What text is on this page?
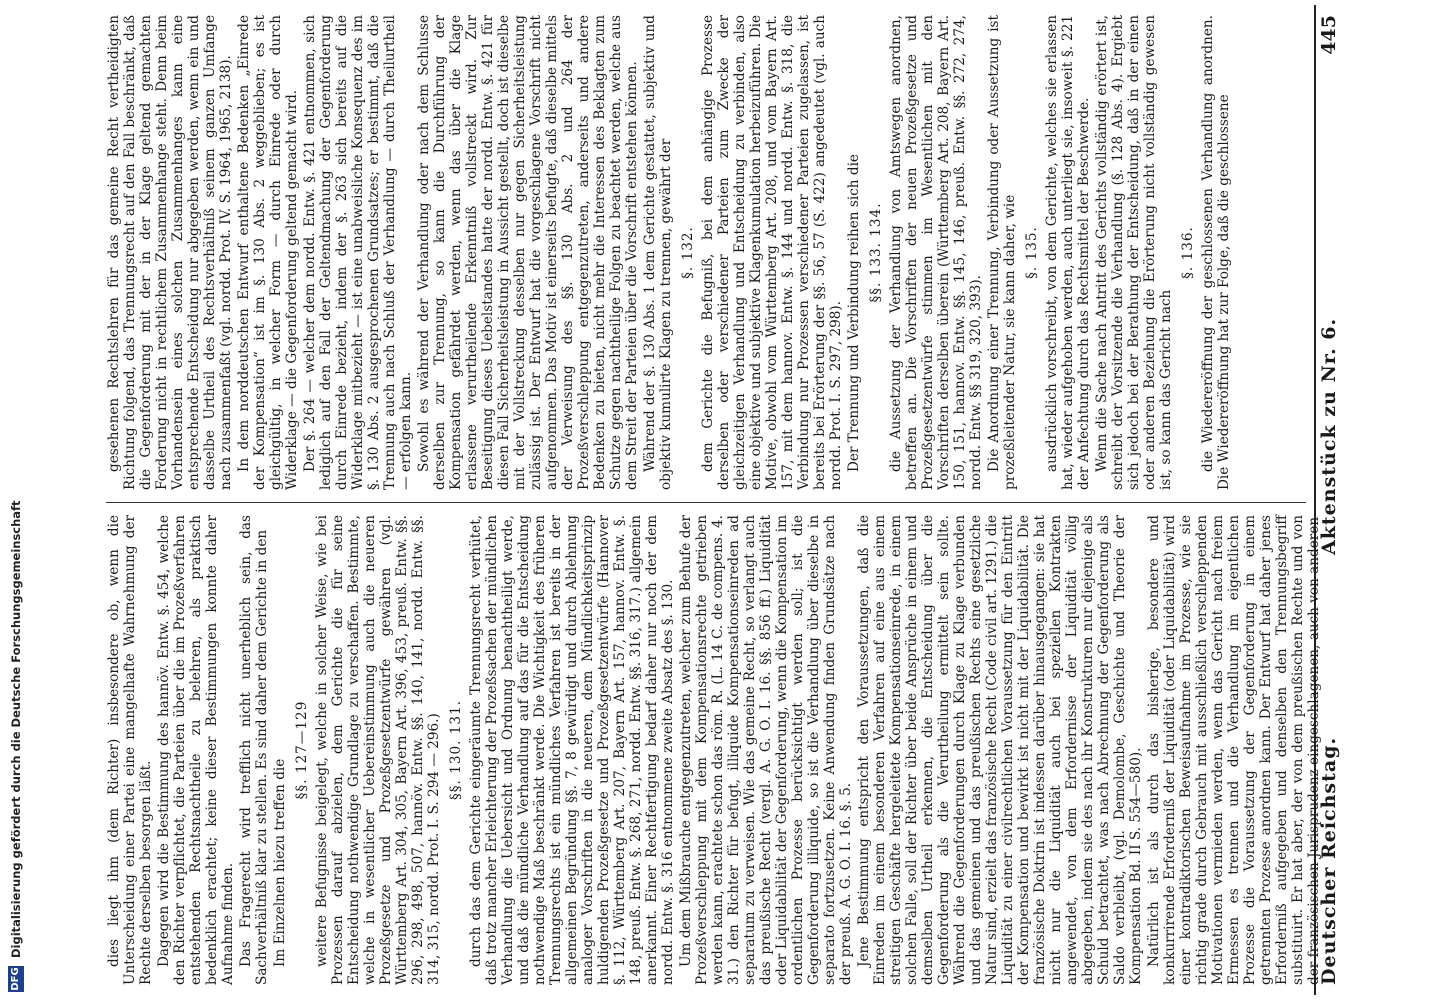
DFG
Digitalisierung gefördert durch die Deutsche Forschungsgemeinschaft	Deutscher Reichstag.
Aktenstück zu Nr. 6.
445

dies liegt ihm (dem Richter) insbesondere ob, wenn die Unterscheidung einer Partei eine mangelhafte Wahrnehmung der Rechte derselben besorgen läßt. Dagegen wird die Bestimmung des hannöv. Entw. §. 454, welche den Richter verpflichtet, die Parteien über die im Prozeßverfahren entstehenden Rechtsnachtheile zu belehren, als praktisch bedenklich erachtet; keine dieser Bestimmungen konnte daher Aufnahme finden. Das Fragerecht wird trefflich nicht unerheblich sein, das Sachverhältniß klar zu stellen. Es sind daher dem Gerichte in den Im Einzelnen hiezu treffen die

§§. 127—129 weitere Befugnisse beigelegt, welche in solcher Weise, wie bei Prozessen darauf abzielen, dem Gerichte die für seine Entscheidung nothwendige Grundlage zu verschaffen. Bestimmte, welche in wesentlicher Uebereinstimmung auch die neueren Prozeßgesetze und Prozeßgesetzentwürfe gewähren (vgl. Württemberg Art. 304, 305, Bayern Art. 396, 453, preuß. Entw. §§. 296, 298, 498, 507, hannöv. Entw. §§. 140, 141, nordd. Entw. §§. 314, 315, nordd. Prot. I. S. 294 — 296.) §§. 130. 131. durch das dem Gerichte eingeräumte Trennungsrecht verhütet, daß trotz mancher Erleichterung der Prozeßsachen der mündlichen Verhandlung die Uebersicht und Ordnung benachtheiligt werde, und daß die mündliche Verhandlung auf das für die Entscheidung nothwendige Maß beschränkt werde. Die Wichtigkeit des früheren Trennungsrechts ist ein mündliches Verfahren ist bereits in der allgemeinen Begründung §§. 7, 8 gewürdigt und durch Ablehnung analoger Vorschriften in die neueren, dem Mündlichkeitsprinzip huldigenden Prozeßgesetze und Prozeßgesetzentwürfe (Hannover §. 112, Württemberg Art. 207, Bayern Art. 157, hannov. Entw. §. 148, preuß. Entw. §. 268, 271, nordd. Entw. §§. 316, 317.) allgemein anerkannt. Einer Rechtfertigung bedarf daher nur noch der dem nordd. Entw. §. 316 entnommene zweite Absatz des §. 130. Um dem Mißbrauche entgegenzutreten, welcher zum Behufe der Prozeßverschleppung mit dem Kompensationsrechte getrieben werden kann, erachtete schon das röm. R. (L. 14 C. de compens. 4. 31.) den Richter für befugt, illiquide Kompensationseinreden ad separatum zu verweisen. Wie das gemeine Recht, so verlangt auch das preußische Recht (vergl. A. G. O. I. 16. §§. 856 ff.) Liquidität oder Liquidabilität der Gegenforderung, wenn die Kompensation im ordentlichen Prozesse berücksichtigt werden soll; ist die Gegenforderung illiquide, so ist die Verhandlung über dieselbe in separato fortzusetzen. Keine Anwendung finden Grundsätze nach der preuß. A. G. O. I. 16. §. 5. Jene Bestimmung entspricht den Voraussetzungen, daß die Einreden im einem besonderen Verfahren auf eine aus einem streitigen Geschäfte hergeleitete Kompensationseinrede, in einem solchen Falle, soll der Richter über beide Ansprüche in einem und demselben Urtheil erkennen, die Entscheidung über die Gegenforderung als die Verurtheilung ermittelt sein sollte. Während die Gegenforderungen durch Klage zu Klage verbunden und das gemeinen und das preußischen Rechts eine gesetzliche Natur sind, erzielt das französische Recht (Code civil art. 1291.) die Liquidität zu einer civilrechtlichen Voraussetzung für den Eintritt der Kompensation und bewirkt ist nicht mit der Liquidabilität. Die französische Doktrin ist indessen darüber hinausgegangen: sie hat nicht nur die Liquidität auch bei speziellen Kontrakten angewendet, von dem Erfordernisse der Liquidität völlig abgegeben, indem sie des nach ihr Konstrukturen nur diejenige als Schuld betrachtet, was nach Abrechnung der Gegenforderung als Saldo verbleibt, (vgl. Demolombe, Geschichte und Theorie der Kompensation Bd. II S. 554—580). Natürlich ist als durch das bisherige, besondere und konkurrirende Erforderniß der Liquidität (oder Liquidabilität) wird einer kontradiktorischen Beweisaufnahme im Prozesse, wie sie richtig grade durch Gebrauch mit ausschließlich verschleppenden Motivationen vermieden werden, wenn das Gericht nach freiem Ermessen es trennen und die Verhandlung im eigentlichen Prozesse die Voraussetzung der Gegenforderung in einem getrennten Prozesse anordnen kann. Der Entwurf hat daher jenes Erforderniß aufgegeben und denselben den Trennungsbegriff substituirt. Er hat aber, der von dem preußischen Rechte und von der französischen Jurisprudenz eingeschlagenen, auch von anderen

gesehenen Rechtslehren für das gemeine Recht vertheidigten Richtung folgend, das Trennungsrecht auf den Fall beschränkt, daß die Gegenforderung mit der in der Klage geltend gemachten Forderung nicht in rechtlichem Zusammenhange steht. Denn beim Vorhandensein eines solchen Zusammenhanges kann eine entsprechende Entscheidung nur abgegeben werden, wenn ein und dasselbe Urtheil des Rechtsverhältniß seinem ganzen Umfange nach zusammenfaßt (vgl. nordd. Prot. IV. S. 1964, 1965, 2138). In dem norddeutschen Entwurf enthaltene Bedenken „Einrede der Kompensation“ ist im §. 130 Abs. 2 weggeblieben; es ist gleichgültig, in welcher Form — durch Einrede oder durch Widerklage — die Gegenforderung geltend gemacht wird. Der §. 264 — welcher dem nordd. Entw. §. 421 entnommen, sich lediglich auf den Fall der Geltendmachung der Gegenforderung durch Einrede bezieht, indem der §. 263 sich bereits auf die Widerklage mitbezieht — ist eine unabweisliche Konsequenz des im §. 130 Abs. 2 ausgesprochenen Grundsatzes; er bestimmt, daß die Trennung auch nach Schluß der Verhandlung — durch Theilurtheil — erfolgen kann. Sowohl es während der Verhandlung oder nach dem Schlusse derselben zur Trennung, so kann die Durchführung der Kompensation gefährdet werden, wenn das über die Klage erlassene verurtheilende Erkenntniß vollstreckt wird. Zur Beseitigung dieses Uebelstandes hatte der nordd. Entw. §. 421 für diesen Fall Sicherheitsleistung in Aussicht gestellt, doch ist dieselbe mit der Vollstreckung desselben nur gegen Sicherheitsleistung zulässig ist. Der Entwurf hat die vorgeschlagene Vorschrift nicht aufgenommen. Das Motiv ist einerseits befugte, daß dieselbe mittels der Verweisung des §§. 130 Abs. 2 und 264 der Prozeßverschleppung entgegenzutreten, anderseits und andere Bedenken zu bieten, nicht mehr die Interessen des Beklagten zum Schutze gegen nachtheilige Folgen zu beachtet werden, welche aus dem Streit der Parteien über die Vorschrift entstehen können. Während der §. 130 Abs. 1 dem Gerichte gestattet, subjektiv und objektiv kumulirte Klagen zu trennen, gewährt der §. 132. dem Gerichte die Befugniß, bei dem anhängige Prozesse derselben oder verschiedener Parteien zum Zwecke der gleichzeitigen Verhandlung und Entscheidung zu verbinden, also eine objektive und subjektive Klagenkumulation herbeizuführen. Die Motive, obwohl vom Württemberg Art. 208, und vom Bayern Art. 157, mit dem hannov. Entw. §. 144 und nordd. Entw. §. 318, die Verbindung nur Prozessen verschiedener Parteien zugelassen, ist bereits bei Erörterung der §§. 56, 57 (S. 422) angedeutet (vgl. auch nordd. Prot. I. S. 297, 298). Der Trennung und Verbindung reihen sich die §§. 133. 134. die Aussetzung der Verhandlung von Amtswegen anordnen, betreffen an. Die Vorschriften der neuen Prozeßgesetze und Prozeßgesetzentwürfe stimmen im Wesentlichen mit den Vorschriften derselben überein (Württemberg Art. 208, Bayern Art. 150, 151, hannov. Entw. §§. 145, 146, preuß. Entw. §§. 272, 274, nordd. Entw. §§ 319, 320, 393). Die Anordnung einer Trennung, Verbindung oder Aussetzung ist prozeßleitender Natur, sie kann daher, wie §. 135. ausdrücklich vorschreibt, von dem Gerichte, welches sie erlassen hat, wieder aufgehoben werden, auch unterliegt sie, insoweit §. 221 der Anfechtung durch das Rechtsmittel der Beschwerde. Wenn die Sache nach Antritt des Gerichts vollständig erörtert ist, schreibt der Vorsitzende die Verhandlung (§. 128 Abs. 4). Ergiebt sich jedoch bei der Berathung der Entscheidung, daß in der einen oder anderen Beziehung die Erörterung nicht vollständig gewesen ist, so kann das Gericht nach

§. 136. die Wiedereröffnung der geschlossenen Verhandlung anordnen. Die Wiedereröffnung hat zur Folge, daß die geschlossene
